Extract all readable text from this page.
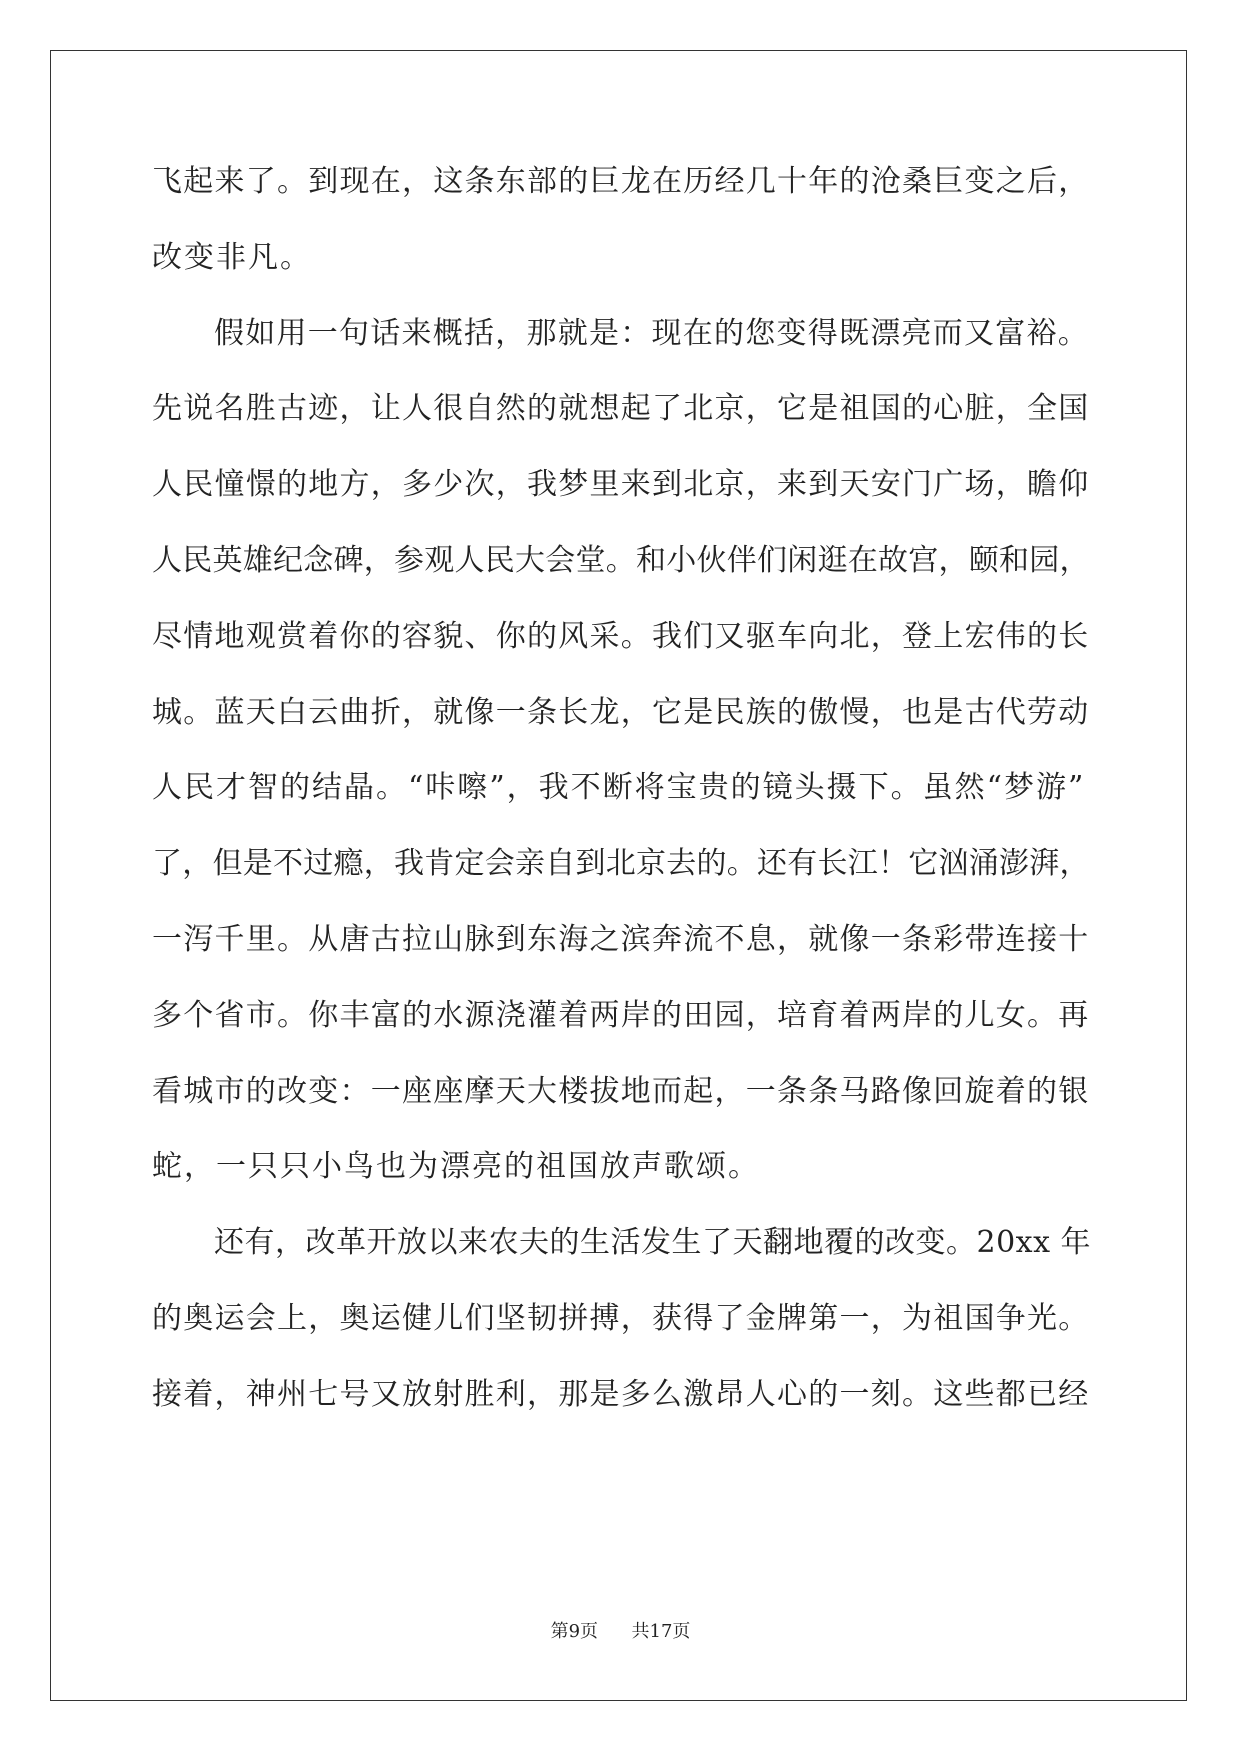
飞起来了。到现在，这条东部的巨龙在历经几十年的沧桑巨变之后，
改变非凡。
假如用一句话来概括，那就是：现在的您变得既漂亮而又富裕。
先说名胜古迹，让人很自然的就想起了北京，它是祖国的心脏，全国
人民憧憬的地方，多少次，我梦里来到北京，来到天安门广场，瞻仰
人民英雄纪念碑，参观人民大会堂。和小伙伴们闲逛在故宫，颐和园，
尽情地观赏着你的容貌、你的风采。我们又驱车向北，登上宏伟的长
城。蓝天白云曲折，就像一条长龙，它是民族的傲慢，也是古代劳动
人民才智的结晶。“咔嚓”，我不断将宝贵的镜头摄下。虽然“梦游”
了，但是不过瘾，我肯定会亲自到北京去的。还有长江！它汹涌澎湃，
一泻千里。从唐古拉山脉到东海之滨奔流不息，就像一条彩带连接十
多个省市。你丰富的水源浇灌着两岸的田园，培育着两岸的儿女。再
看城市的改变：一座座摩天大楼拔地而起，一条条马路像回旋着的银
蛇，一只只小鸟也为漂亮的祖国放声歌颂。
还有，改革开放以来农夫的生活发生了天翻地覆的改变。20xx 年
的奥运会上，奥运健儿们坚韧拼搏，获得了金牌第一，为祖国争光。
接着，神州七号又放射胜利，那是多么激昂人心的一刻。这些都已经
第9页 共17页
